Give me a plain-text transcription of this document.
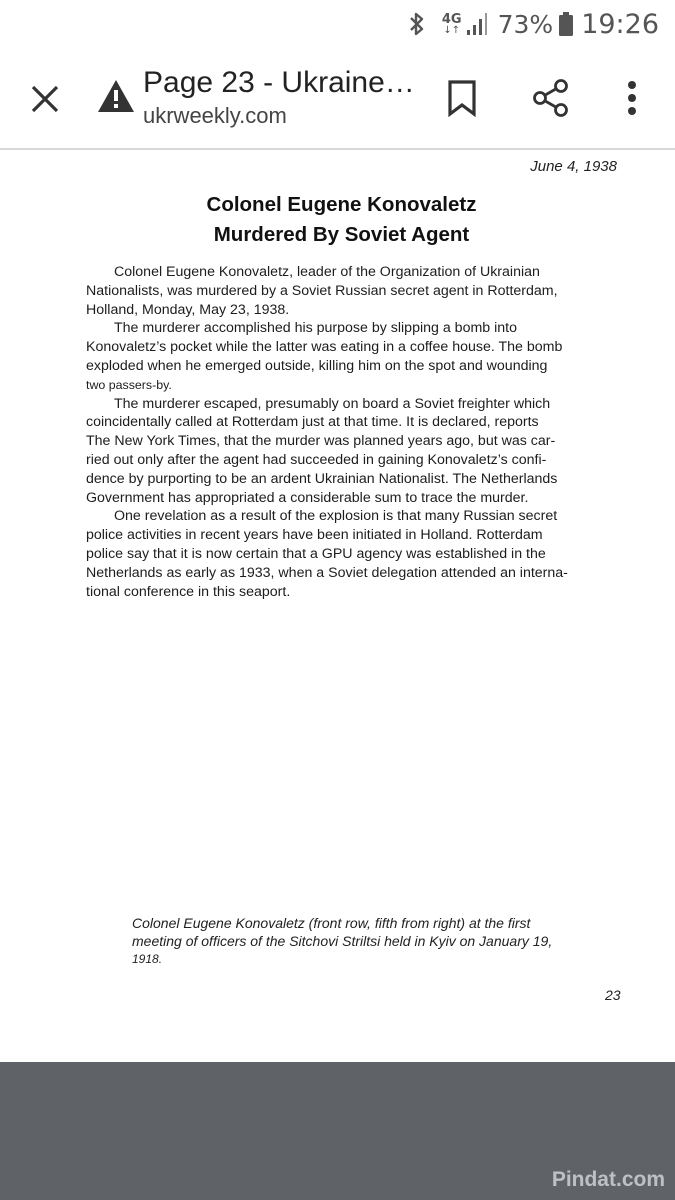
4G
↓↑ 73% 19:26
Page 23 - Ukraine…
ukrweekly.com
June 4, 1938
Colonel Eugene Konovaletz
Murdered By Soviet Agent

Colonel Eugene Konovaletz, leader of the Organization of Ukrainian
Nationalists, was murdered by a Soviet Russian secret agent in Rotterdam,
Holland, Monday, May 23, 1938.

The murderer accomplished his purpose by slipping a bomb into
Konovaletz’s pocket while the latter was eating in a coffee house. The bomb
exploded when he emerged outside, killing him on the spot and wounding
two passers-by.

The murderer escaped, presumably on board a Soviet freighter which
coincidentally called at Rotterdam just at that time. It is declared, reports
The New York Times, that the murder was planned years ago, but was car-
ried out only after the agent had succeeded in gaining Konovaletz’s confi-
dence by purporting to be an ardent Ukrainian Nationalist. The Netherlands
Government has appropriated a considerable sum to trace the murder.

One revelation as a result of the explosion is that many Russian secret
police activities in recent years have been initiated in Holland. Rotterdam
police say that it is now certain that a GPU agency was established in the
Netherlands as early as 1933, when a Soviet delegation attended an interna-
tional conference in this seaport.

Colonel Eugene Konovaletz (front row, fifth from right) at the first
meeting of officers of the Sitchovi Striltsi held in Kyiv on January 19,
1918.
23
Pindat.com
